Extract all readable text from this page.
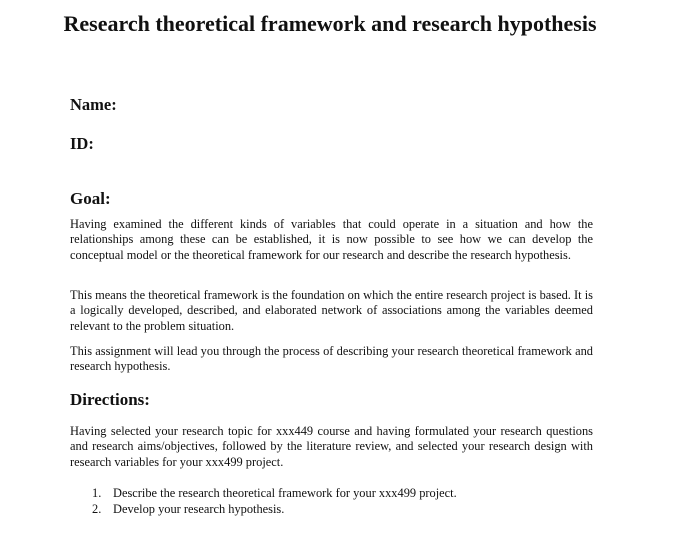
Research theoretical framework and research hypothesis

Name:

ID:

Goal:

Having examined the different kinds of variables that could operate in a situation and how the relationships among these can be established, it is now possible to see how we can develop the conceptual model or the theoretical framework for our research and describe the research hypothesis.

This means the theoretical framework is the foundation on which the entire research project is based. It is a logically developed, described, and elaborated network of associations among the variables deemed relevant to the problem situation.

This assignment will lead you through the process of describing your research theoretical framework and research hypothesis.

Directions:

Having selected your research topic for xxx449 course and having formulated your research questions and research aims/objectives, followed by the literature review, and selected your research design with research variables for your xxx499 project.

1. Describe the research theoretical framework for your xxx499 project.
2. Develop your research hypothesis.
